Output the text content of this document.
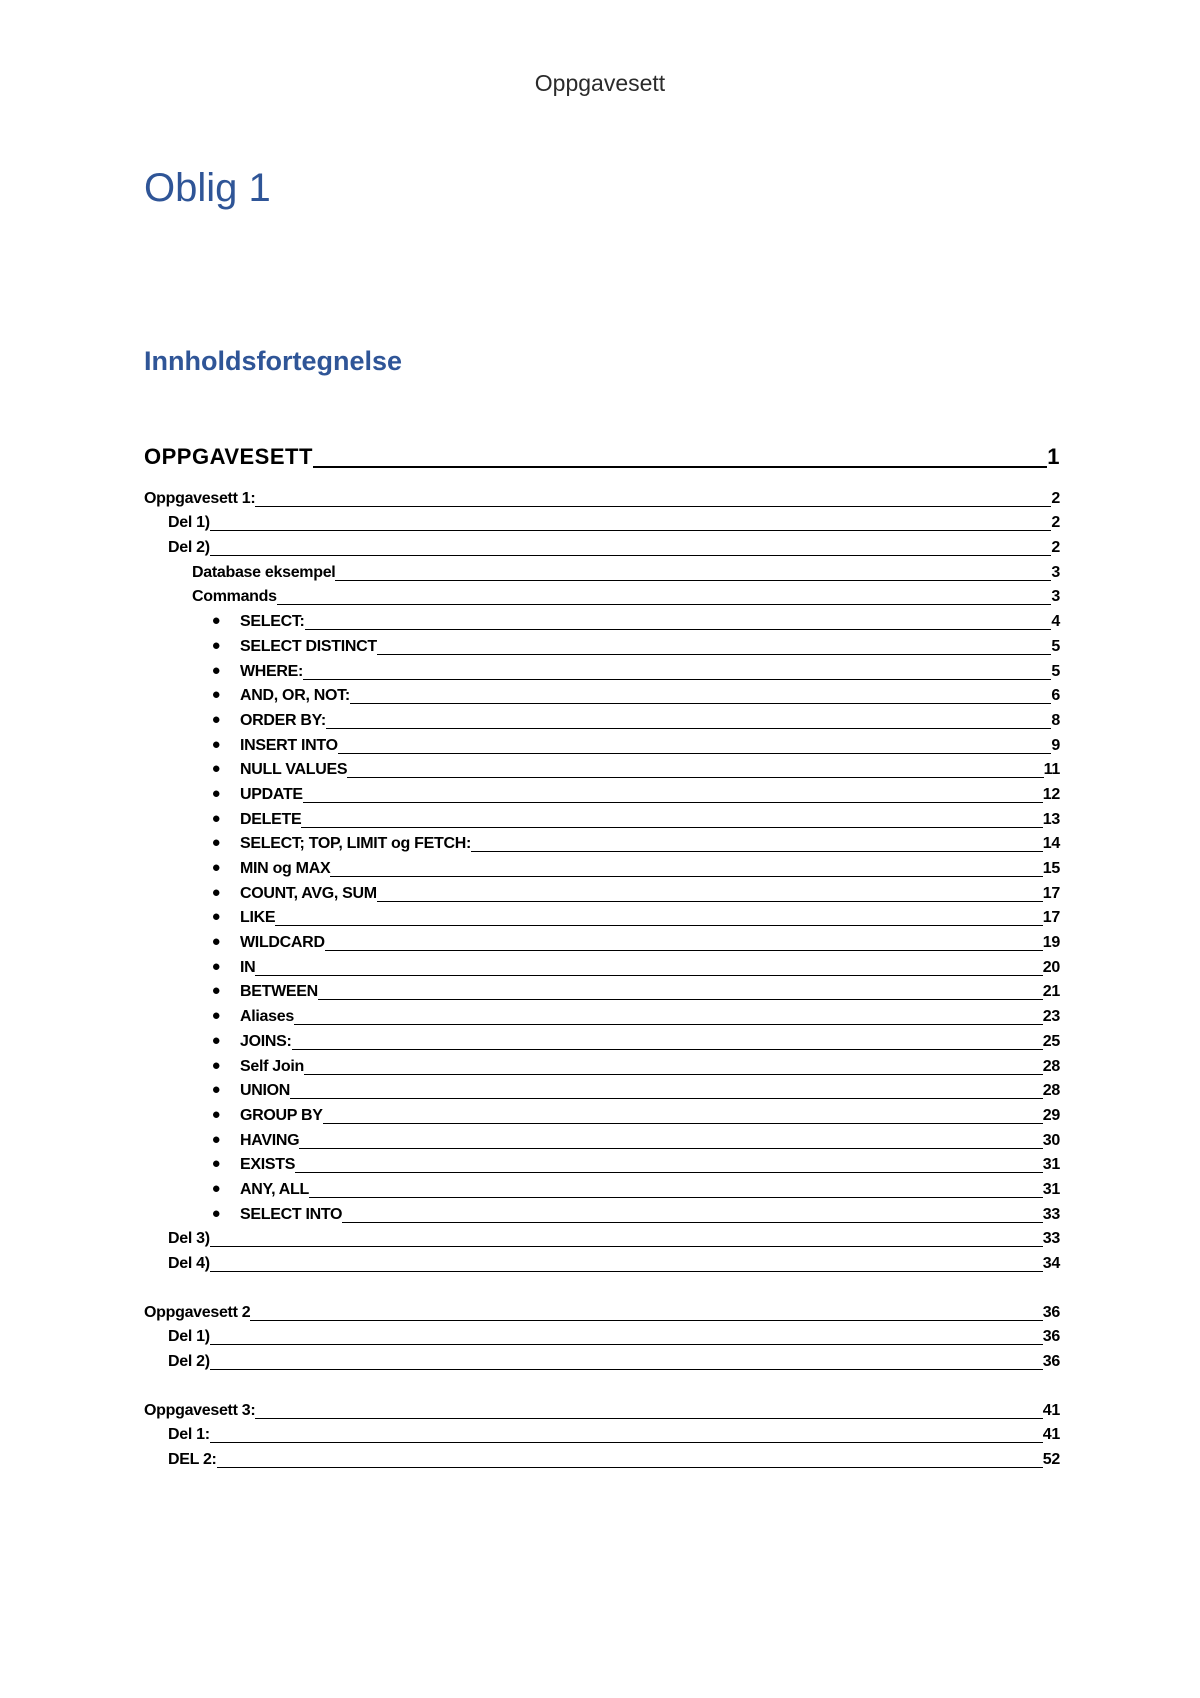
Oppgavesett
Oblig 1
Innholdsfortegnelse
OPPGAVESETT	1
Oppgavesett 1:	2
Del 1)	2
Del 2)	2
Database eksempel	3
Commands	3
●	SELECT:	4
●	SELECT DISTINCT	5
●	WHERE:	5
●	AND, OR, NOT:	6
●	ORDER BY:	8
●	INSERT INTO	9
●	NULL VALUES	11
●	UPDATE	12
●	DELETE	13
●	SELECT; TOP, LIMIT og FETCH:	14
●	MIN og MAX	15
●	COUNT, AVG, SUM	17
●	LIKE	17
●	WILDCARD	19
●	IN	20
●	BETWEEN	21
●	Aliases	23
●	JOINS:	25
●	Self Join	28
●	UNION	28
●	GROUP BY	29
●	HAVING	30
●	EXISTS	31
●	ANY, ALL	31
●	SELECT INTO	33
Del 3)	33
Del 4)	34
Oppgavesett 2	36
Del 1)	36
Del 2)	36
Oppgavesett 3:	41
Del 1:	41
DEL 2:	52
